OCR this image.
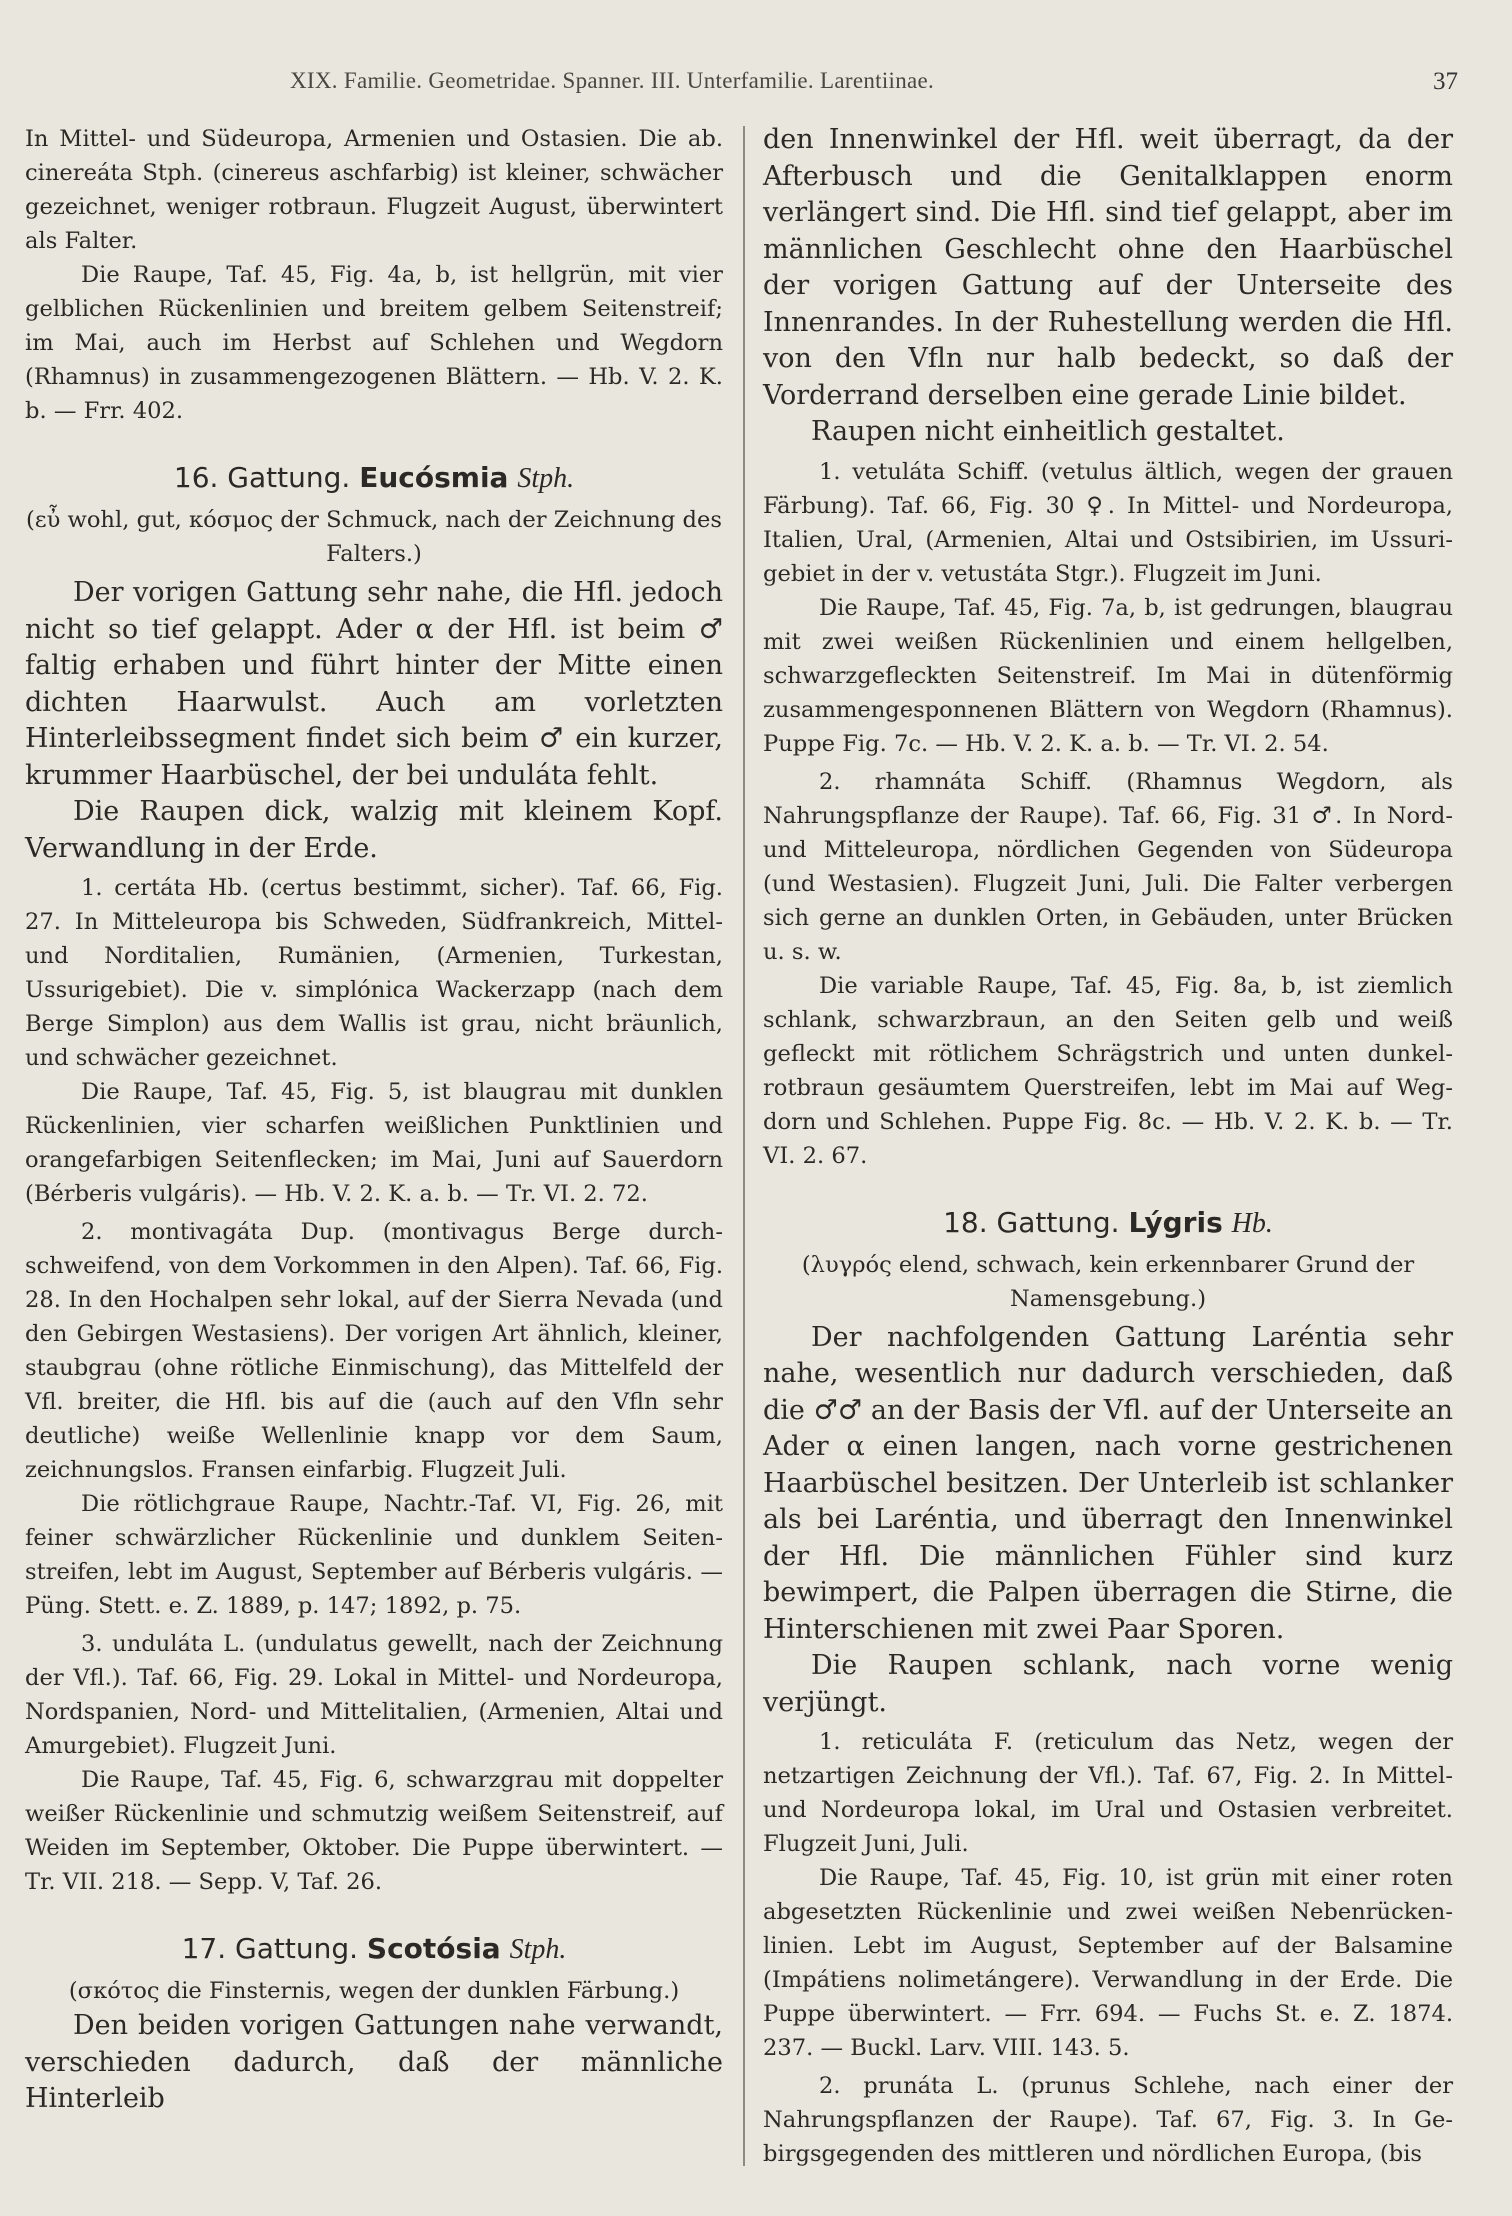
XIX. Familie. Geometridae. Spanner. III. Unterfamilie. Larentiinae.	37

In Mittel- und Südeuropa, Armenien und Ostasien. Die ab. cinereáta Stph. (cinereus aschfarbig) ist kleiner, schwächer gezeichnet, weniger rotbraun. Flugzeit August, überwintert als Falter.

Die Raupe, Taf. 45, Fig. 4a, b, ist hellgrün, mit vier gelblichen Rückenlinien und breitem gelbem Seitenstreif; im Mai, auch im Herbst auf Schlehen und Wegdorn (Rhamnus) in zusammengezogenen Blättern. — Hb. V. 2. K. b. — Frr. 402.

16. Gattung. Eucósmia Stph.

(εὖ wohl, gut, κόσμος der Schmuck, nach der Zeichnung des Falters.)

Der vorigen Gattung sehr nahe, die Hfl. jedoch nicht so tief gelappt. Ader α der Hfl. ist beim ♂ faltig erhaben und führt hinter der Mitte einen dichten Haarwulst. Auch am vorletzten Hinterleibssegment findet sich beim ♂ ein kurzer, krummer Haarbüschel, der bei unduláta fehlt.

Die Raupen dick, walzig mit kleinem Kopf. Verwandlung in der Erde.

1. certáta Hb. (certus bestimmt, sicher). Taf. 66, Fig. 27. In Mitteleuropa bis Schweden, Südfrankreich, Mittel- und Norditalien, Rumänien, (Armenien, Turkestan, Ussurigebiet). Die v. simplónica Wackerzapp (nach dem Berge Simplon) aus dem Wallis ist grau, nicht bräunlich, und schwächer gezeichnet.

Die Raupe, Taf. 45, Fig. 5, ist blaugrau mit dunklen Rückenlinien, vier scharfen weißlichen Punktlinien und orangefarbigen Seitenflecken; im Mai, Juni auf Sauerdorn (Bérberis vulgáris). — Hb. V. 2. K. a. b. — Tr. VI. 2. 72.

2. montivagáta Dup. (montivagus Berge durchschweifend, von dem Vorkommen in den Alpen). Taf. 66, Fig. 28. In den Hochalpen sehr lokal, auf der Sierra Nevada (und den Gebirgen Westasiens). Der vorigen Art ähnlich, kleiner, staubgrau (ohne rötliche Einmischung), das Mittelfeld der Vfl. breiter, die Hfl. bis auf die (auch auf den Vfln sehr deutliche) weiße Wellenlinie knapp vor dem Saum, zeichnungslos. Fransen einfarbig. Flugzeit Juli.

Die rötlichgraue Raupe, Nachtr.-Taf. VI, Fig. 26, mit feiner schwärzlicher Rückenlinie und dunklem Seitenstreifen, lebt im August, September auf Bérberis vulgáris. — Püng. Stett. e. Z. 1889, p. 147; 1892, p. 75.

3. unduláta L. (undulatus gewellt, nach der Zeichnung der Vfl.). Taf. 66, Fig. 29. Lokal in Mittel- und Nordeuropa, Nordspanien, Nord- und Mittelitalien, (Armenien, Altai und Amurgebiet). Flugzeit Juni.

Die Raupe, Taf. 45, Fig. 6, schwarzgrau mit doppelter weißer Rückenlinie und schmutzig weißem Seitenstreif, auf Weiden im September, Oktober. Die Puppe überwintert. — Tr. VII. 218. — Sepp. V, Taf. 26.

17. Gattung. Scotósia Stph.

(σκότος die Finsternis, wegen der dunklen Färbung.)

Den beiden vorigen Gattungen nahe verwandt, verschieden dadurch, daß der männliche Hinterleib

den Innenwinkel der Hfl. weit überragt, da der Afterbusch und die Genitalklappen enorm verlängert sind. Die Hfl. sind tief gelappt, aber im männlichen Geschlecht ohne den Haarbüschel der vorigen Gattung auf der Unterseite des Innenrandes. In der Ruhestellung werden die Hfl. von den Vfln nur halb bedeckt, so daß der Vorderrand derselben eine gerade Linie bildet.

Raupen nicht einheitlich gestaltet.

1. vetuláta Schiff. (vetulus ältlich, wegen der grauen Färbung). Taf. 66, Fig. 30 ♀. In Mittel- und Nordeuropa, Italien, Ural, (Armenien, Altai und Ostsibirien, im Ussurigebiet in der v. vetustáta Stgr.). Flugzeit im Juni.

Die Raupe, Taf. 45, Fig. 7a, b, ist gedrungen, blaugrau mit zwei weißen Rückenlinien und einem hellgelben, schwarzgefleckten Seitenstreif. Im Mai in dütenförmig zusammengesponnenen Blättern von Wegdorn (Rhamnus). Puppe Fig. 7c. — Hb. V. 2. K. a. b. — Tr. VI. 2. 54.

2. rhamnáta Schiff. (Rhamnus Wegdorn, als Nahrungspflanze der Raupe). Taf. 66, Fig. 31 ♂. In Nord- und Mitteleuropa, nördlichen Gegenden von Südeuropa (und Westasien). Flugzeit Juni, Juli. Die Falter verbergen sich gerne an dunklen Orten, in Gebäuden, unter Brücken u. s. w.

Die variable Raupe, Taf. 45, Fig. 8a, b, ist ziemlich schlank, schwarzbraun, an den Seiten gelb und weiß gefleckt mit rötlichem Schrägstrich und unten dunkelrotbraun gesäumtem Querstreifen, lebt im Mai auf Wegdorn und Schlehen. Puppe Fig. 8c. — Hb. V. 2. K. b. — Tr. VI. 2. 67.

18. Gattung. Lýgris Hb.

(λυγρός elend, schwach, kein erkennbarer Grund der Namensgebung.)

Der nachfolgenden Gattung Laréntia sehr nahe, wesentlich nur dadurch verschieden, daß die ♂♂ an der Basis der Vfl. auf der Unterseite an Ader α einen langen, nach vorne gestrichenen Haarbüschel besitzen. Der Unterleib ist schlanker als bei Laréntia, und überragt den Innenwinkel der Hfl. Die männlichen Fühler sind kurz bewimpert, die Palpen überragen die Stirne, die Hinterschienen mit zwei Paar Sporen.

Die Raupen schlank, nach vorne wenig verjüngt.

1. reticuláta F. (reticulum das Netz, wegen der netzartigen Zeichnung der Vfl.). Taf. 67, Fig. 2. In Mittel- und Nordeuropa lokal, im Ural und Ostasien verbreitet. Flugzeit Juni, Juli.

Die Raupe, Taf. 45, Fig. 10, ist grün mit einer roten abgesetzten Rückenlinie und zwei weißen Nebenrückenlinien. Lebt im August, September auf der Balsamine (Impátiens nolimetángere). Verwandlung in der Erde. Die Puppe überwintert. — Frr. 694. — Fuchs St. e. Z. 1874. 237. — Buckl. Larv. VIII. 143. 5.

2. prunáta L. (prunus Schlehe, nach einer der Nahrungspflanzen der Raupe). Taf. 67, Fig. 3. In Gebirgsgegenden des mittleren und nördlichen Europa, (bis
